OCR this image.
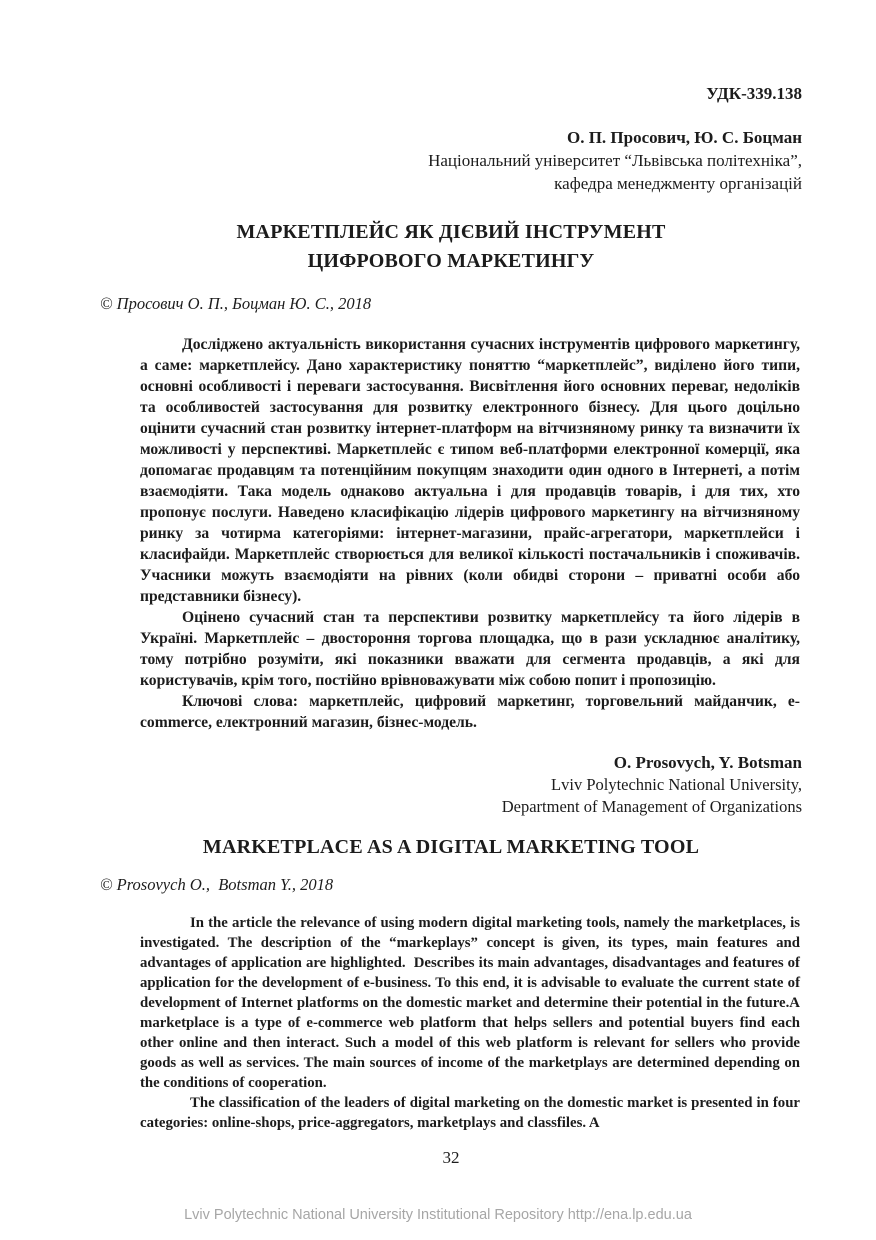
УДК-339.138
О. П. Просович, Ю. С. Боцман
Національний університет “Львівська політехніка”,
кафедра менеджменту організацій
МАРКЕТПЛЕЙС ЯК ДІЄВИЙ ІНСТРУМЕНТ
ЦИФРОВОГО МАРКЕТИНГУ
© Просович О. П., Боцман Ю. С., 2018

Досліджено актуальність використання сучасних інструментів цифрового маркетингу, а саме: маркетплейсу. Дано характеристику поняттю “маркетплейс”, виділено його типи, основні особливості і переваги застосування. Висвітлення його основних переваг, недоліків та особливостей застосування для розвитку електронного бізнесу. Для цього доцільно оцінити сучасний стан розвитку інтернет-платформ на вітчизняному ринку та визначити їх можливості у перспективі. Маркетплейс є типом веб-платформи електронної комерції, яка допомагає продавцям та потенційним покупцям знаходити один одного в Інтернеті, а потім взаємодіяти. Така модель однаково актуальна і для продавців товарів, і для тих, хто пропонує послуги. Наведено класифікацію лідерів цифрового маркетингу на вітчизняному ринку за чотирма категоріями: інтернет-магазини, прайс-агрегатори, маркетплейси і класифайди. Маркетплейс створюється для великої кількості постачальників і споживачів. Учасники можуть взаємодіяти на рівних (коли обидві сторони – приватні особи або представники бізнесу).

Оцінено сучасний стан та перспективи розвитку маркетплейсу та його лідерів в Україні. Маркетплейс – двостороння торгова площадка, що в рази ускладнює аналітику, тому потрібно розуміти, які показники вважати для сегмента продавців, а які для користувачів, крім того, постійно врівноважувати між собою попит і пропозицію.

Ключові слова: маркетплейс, цифровий маркетинг, торговельний майданчик, e-commerce, електронний магазин, бізнес-модель.

O. Prosovych, Y. Botsman
Lviv Polytechnic National University,
Department of Management of Organizations
MARKETPLACE AS A DIGITAL MARKETING TOOL
© Prosovych O.,  Botsman Y., 2018

In the article the relevance of using modern digital marketing tools, namely the marketplaces, is investigated. The description of the “markeplays” concept is given, its types, main features and advantages of application are highlighted.  Describes its main advantages, disadvantages and features of application for the development of e-business. To this end, it is advisable to evaluate the current state of development of Internet platforms on the domestic market and determine their potential in the future.A marketplace is a type of e-commerce web platform that helps sellers and potential buyers find each other online and then interact. Such a model of this web platform is relevant for sellers who provide goods as well as services. The main sources of income of the marketplays are determined depending on the conditions of cooperation.

The classification of the leaders of digital marketing on the domestic market is presented in four categories: online-shops, price-aggregators, marketplays and classfiles. A

32
Lviv Polytechnic National University Institutional Repository http://ena.lp.edu.ua
